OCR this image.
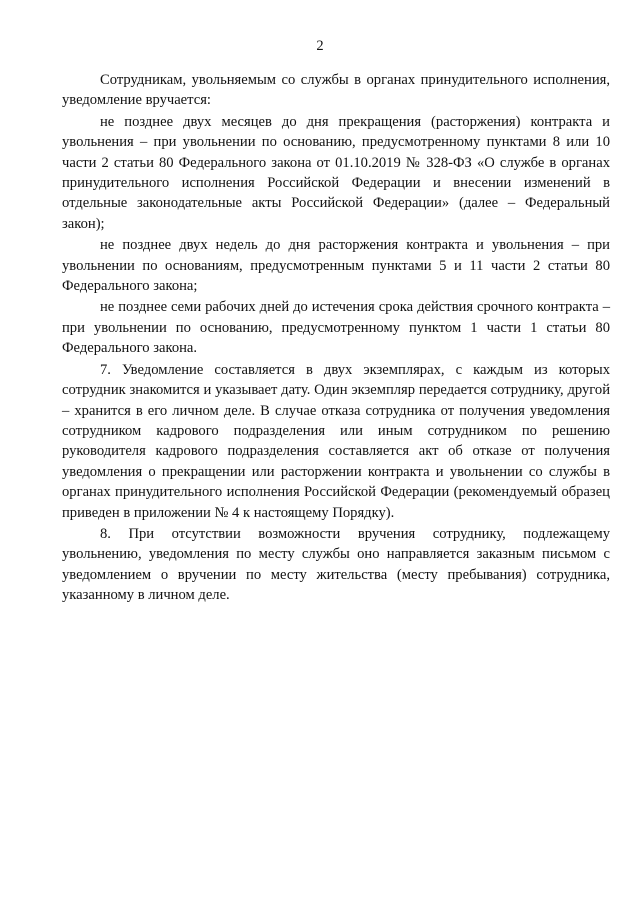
2

Сотрудникам, увольняемым со службы в органах принудительного исполнения, уведомление вручается:

не позднее двух месяцев до дня прекращения (расторжения) контракта и увольнения – при увольнении по основанию, предусмотренному пунктами 8 или 10 части 2 статьи 80 Федерального закона от 01.10.2019 № 328-ФЗ «О службе в органах принудительного исполнения Российской Федерации и внесении изменений в отдельные законодательные акты Российской Федерации» (далее – Федеральный закон);

не позднее двух недель до дня расторжения контракта и увольнения – при увольнении по основаниям, предусмотренным пунктами 5 и 11 части 2 статьи 80 Федерального закона;

не позднее семи рабочих дней до истечения срока действия срочного контракта – при увольнении по основанию, предусмотренному пунктом 1 части 1 статьи 80 Федерального закона.

7. Уведомление составляется в двух экземплярах, с каждым из которых сотрудник знакомится и указывает дату. Один экземпляр передается сотруднику, другой – хранится в его личном деле. В случае отказа сотрудника от получения уведомления сотрудником кадрового подразделения или иным сотрудником по решению руководителя кадрового подразделения составляется акт об отказе от получения уведомления о прекращении или расторжении контракта и увольнении со службы в органах принудительного исполнения Российской Федерации (рекомендуемый образец приведен в приложении № 4 к настоящему Порядку).

8. При отсутствии возможности вручения сотруднику, подлежащему увольнению, уведомления по месту службы оно направляется заказным письмом с уведомлением о вручении по месту жительства (месту пребывания) сотрудника, указанному в личном деле.
